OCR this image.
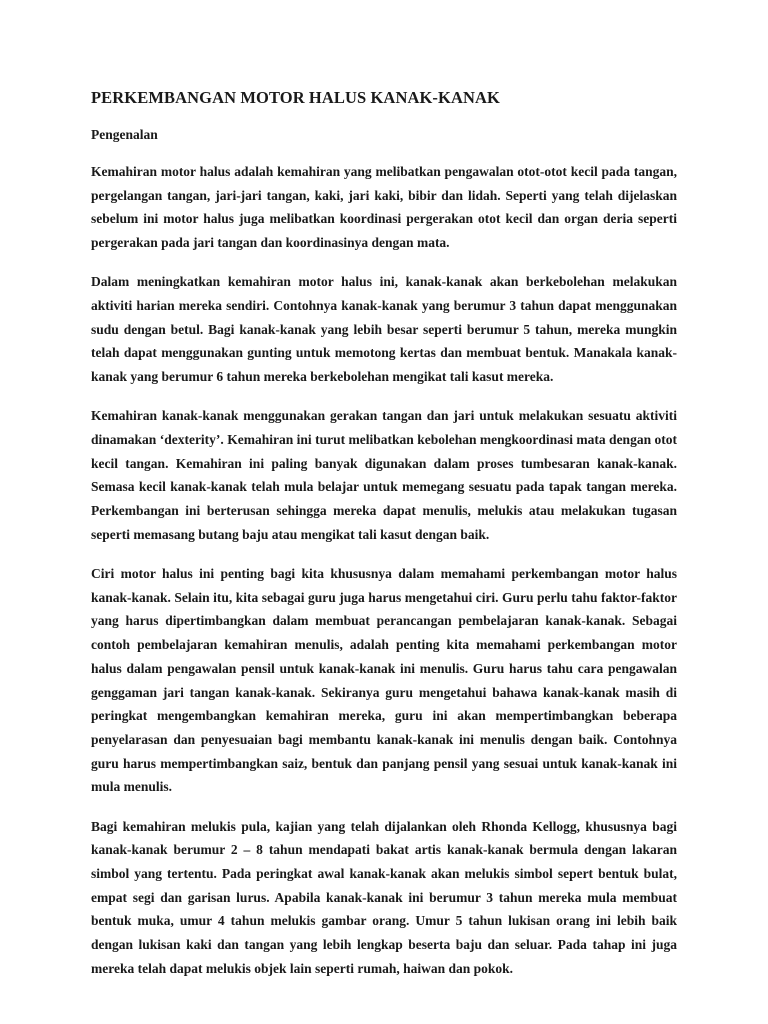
PERKEMBANGAN MOTOR HALUS KANAK-KANAK
Pengenalan

Kemahiran motor halus adalah kemahiran yang melibatkan pengawalan otot-otot kecil pada tangan, pergelangan tangan, jari-jari tangan, kaki, jari kaki, bibir dan lidah. Seperti yang telah dijelaskan sebelum ini motor halus juga melibatkan koordinasi pergerakan otot kecil dan organ deria seperti pergerakan pada jari tangan dan koordinasinya dengan mata.

Dalam meningkatkan kemahiran motor halus ini, kanak-kanak akan berkebolehan melakukan aktiviti harian mereka sendiri. Contohnya kanak-kanak yang berumur 3 tahun dapat menggunakan sudu dengan betul. Bagi kanak-kanak yang lebih besar seperti berumur 5 tahun, mereka mungkin telah dapat menggunakan gunting untuk memotong kertas dan membuat bentuk. Manakala kanak-kanak yang berumur 6 tahun mereka berkebolehan mengikat tali kasut mereka.

Kemahiran kanak-kanak menggunakan gerakan tangan dan jari untuk melakukan sesuatu aktiviti dinamakan ‘dexterity’. Kemahiran ini turut melibatkan kebolehan mengkoordinasi mata dengan otot kecil tangan. Kemahiran ini paling banyak digunakan dalam proses tumbesaran kanak-kanak. Semasa kecil kanak-kanak telah mula belajar untuk memegang sesuatu pada tapak tangan mereka. Perkembangan ini berterusan sehingga mereka dapat menulis, melukis atau melakukan tugasan seperti memasang butang baju atau mengikat tali kasut dengan baik.

Ciri motor halus ini penting bagi kita khususnya dalam memahami perkembangan motor halus kanak-kanak. Selain itu, kita sebagai guru juga harus mengetahui ciri. Guru perlu tahu faktor-faktor yang harus dipertimbangkan dalam membuat perancangan pembelajaran kanak-kanak. Sebagai contoh pembelajaran kemahiran menulis, adalah penting kita memahami perkembangan motor halus dalam pengawalan pensil untuk kanak-kanak ini menulis. Guru harus tahu cara pengawalan genggaman jari tangan kanak-kanak. Sekiranya guru mengetahui bahawa kanak-kanak masih di peringkat mengembangkan kemahiran mereka, guru ini akan mempertimbangkan beberapa penyelarasan dan penyesuaian bagi membantu kanak-kanak ini menulis dengan baik. Contohnya guru harus mempertimbangkan saiz, bentuk dan panjang pensil yang sesuai untuk kanak-kanak ini mula menulis.

Bagi kemahiran melukis pula, kajian yang telah dijalankan oleh Rhonda Kellogg, khususnya bagi kanak-kanak berumur 2 – 8 tahun mendapati bakat artis kanak-kanak bermula dengan lakaran simbol yang tertentu. Pada peringkat awal kanak-kanak akan melukis simbol sepert bentuk bulat, empat segi dan garisan lurus. Apabila kanak-kanak ini berumur 3 tahun mereka mula membuat bentuk muka, umur 4 tahun melukis gambar orang. Umur 5 tahun lukisan orang ini lebih baik dengan lukisan kaki dan tangan yang lebih lengkap beserta baju dan seluar. Pada tahap ini juga mereka telah dapat melukis objek lain seperti rumah, haiwan dan pokok.
